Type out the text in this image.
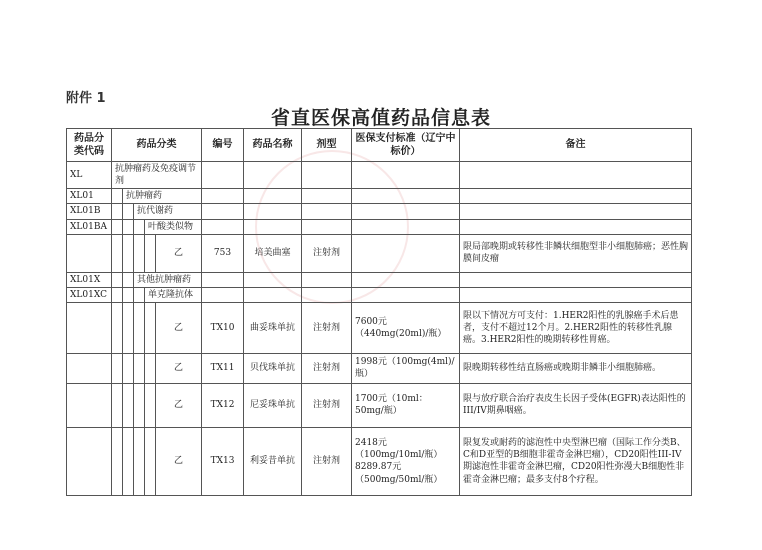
附件 1
省直医保高值药品信息表
药品分类代码	药品分类					编号	药品名称	剂型	医保支付标准（辽宁中标价）	备注
XL	抗肿瘤药及免疫调节剂									
XL01		抗肿瘤药								
XL01B			抗代谢药							
XL01BA				叶酸类似物						
					乙	753	培美曲塞	注射剂		限局部晚期或转移性非鳞状细胞型非小细胞肺癌；恶性胸膜间皮瘤
XL01X			其他抗肿瘤药							
XL01XC				单克隆抗体						
					乙	TX10	曲妥珠单抗	注射剂	7600元（440mg(20ml)/瓶）	限以下情况方可支付：1.HER2阳性的乳腺癌手术后患者，支付不超过12个月。2.HER2阳性的转移性乳腺癌。3.HER2阳性的晚期转移性胃癌。
					乙	TX11	贝伐珠单抗	注射剂	1998元（100mg(4ml)/瓶）	限晚期转移性结直肠癌或晚期非鳞非小细胞肺癌。
					乙	TX12	尼妥珠单抗	注射剂	1700元（10ml：50mg/瓶）	限与放疗联合治疗表皮生长因子受体(EGFR)表达阳性的III/IV期鼻咽癌。
					乙	TX13	利妥昔单抗	注射剂	2418元（100mg/10ml/瓶）8289.87元（500mg/50ml/瓶）	限复发或耐药的滤泡性中央型淋巴瘤（国际工作分类B、C和D亚型的B细胞非霍奇金淋巴瘤），CD20阳性III-IV期滤泡性非霍奇金淋巴瘤，CD20阳性弥漫大B细胞性非霍奇金淋巴瘤；最多支付8个疗程。
